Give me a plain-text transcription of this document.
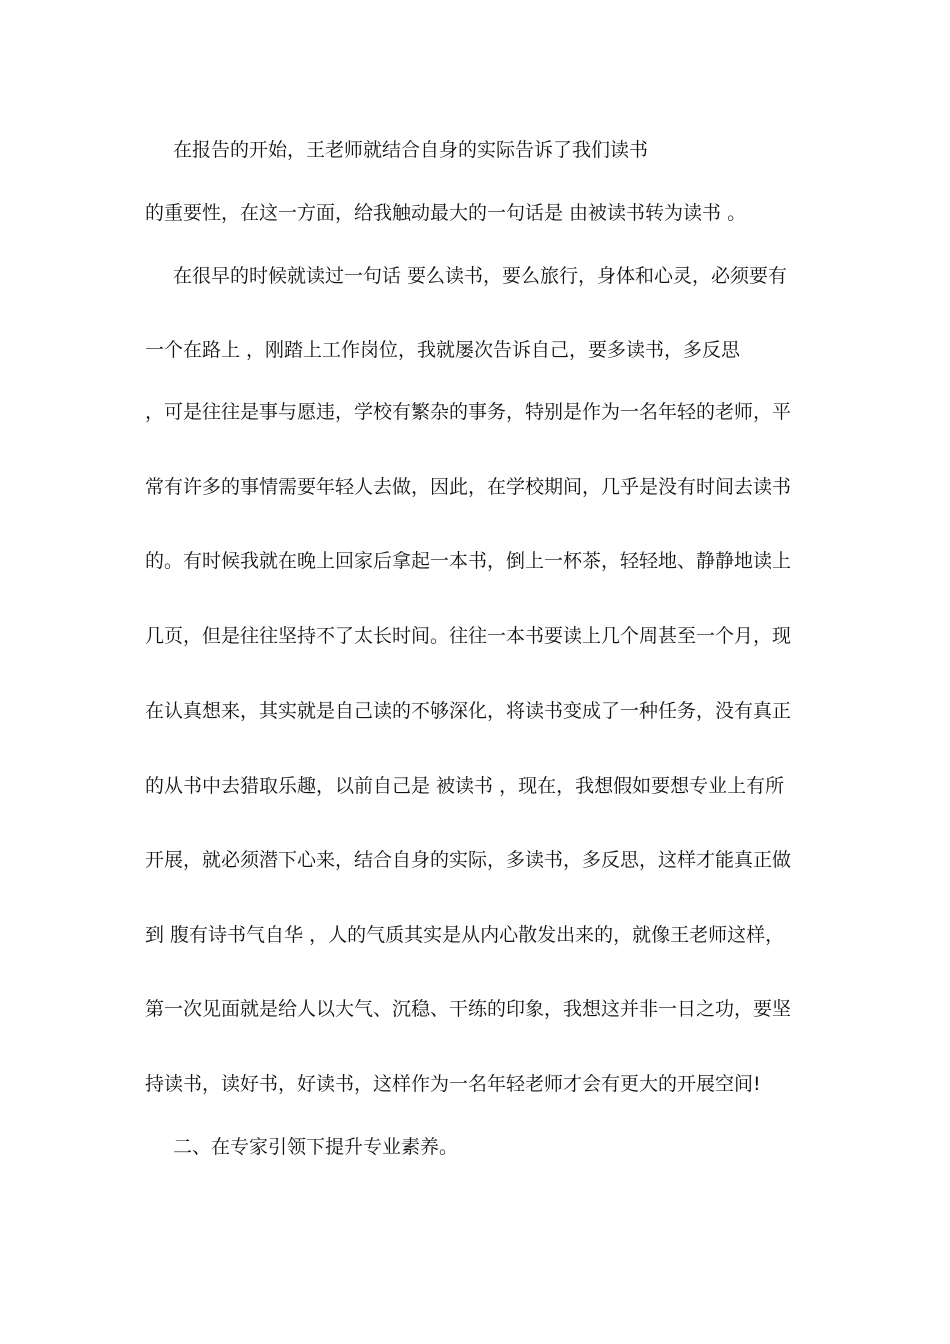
在报告的开始，王老师就结合自身的实际告诉了我们读书
的重要性，在这一方面，给我触动最大的一句话是 由被读书转为读书 。
在很早的时候就读过一句话 要么读书，要么旅行，身体和心灵，必须要有
一个在路上 ，刚踏上工作岗位，我就屡次告诉自己，要多读书，多反思
，可是往往是事与愿违，学校有繁杂的事务，特别是作为一名年轻的老师，平
常有许多的事情需要年轻人去做，因此，在学校期间，几乎是没有时间去读书
的。有时候我就在晚上回家后拿起一本书，倒上一杯茶，轻轻地、静静地读上
几页，但是往往坚持不了太长时间。往往一本书要读上几个周甚至一个月，现
在认真想来，其实就是自己读的不够深化，将读书变成了一种任务，没有真正
的从书中去猎取乐趣，以前自己是 被读书 ，现在，我想假如要想专业上有所
开展，就必须潜下心来，结合自身的实际，多读书，多反思，这样才能真正做
到 腹有诗书气自华 ，人的气质其实是从内心散发出来的，就像王老师这样，
第一次见面就是给人以大气、沉稳、干练的印象，我想这并非一日之功，要坚
持读书，读好书，好读书，这样作为一名年轻老师才会有更大的开展空间!
二、在专家引领下提升专业素养。
